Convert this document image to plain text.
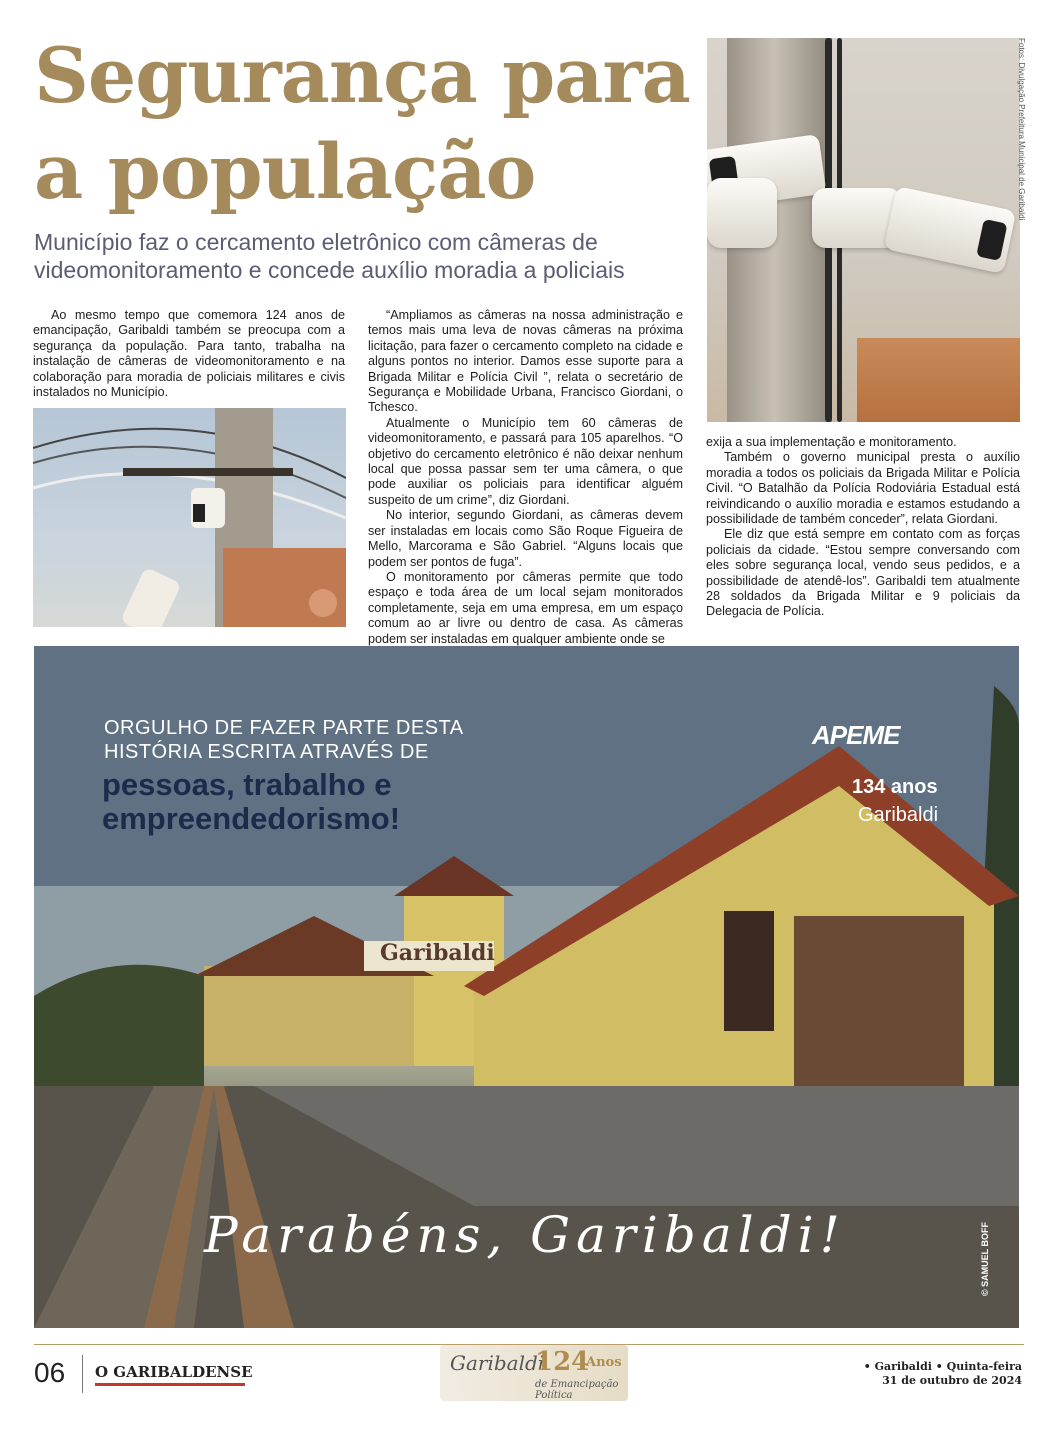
Segurança para
a população
Município faz o cercamento eletrônico com câmeras de videomonitoramento e concede auxílio moradia a policiais
Fotos: Divulgação Prefeitura Municipal de Garibaldi

Ao mesmo tempo que comemora 124 anos de emancipação, Garibaldi também se preocupa com a segurança da população. Para tanto, trabalha na instalação de câmeras de videomonitoramento e na colaboração para moradia de policiais militares e civis instalados no Município.

“Ampliamos as câmeras na nossa administração e temos mais uma leva de novas câmeras na próxima licitação, para fazer o cercamento completo na cidade e alguns pontos no interior. Damos esse suporte para a Brigada Militar e Polícia Civil ”, relata o secretário de Segurança e Mobilidade Urbana, Francisco Giordani, o Tchesco.

Atualmente o Município tem 60 câmeras de videomonitoramento, e passará para 105 aparelhos. “O objetivo do cercamento eletrônico é não deixar nenhum local que possa passar sem ter uma câmera, o que pode auxiliar os policiais para identificar alguém suspeito de um crime”, diz Giordani.

No interior, segundo Giordani, as câmeras devem ser instaladas em locais como São Roque Figueira de Mello, Marcorama e São Gabriel. “Alguns locais que podem ser pontos de fuga”.

O monitoramento por câmeras permite que todo espaço e toda área de um local sejam monitorados completamente, seja em uma empresa, em um espaço comum ao ar livre ou dentro de casa. As câmeras podem ser instaladas em qualquer ambiente onde se

exija a sua implementação e monitoramento.

Também o governo municipal presta o auxílio moradia a todos os policiais da Brigada Militar e Polícia Civil. “O Batalhão da Polícia Rodoviária Estadual está reivindicando o auxílio moradia e estamos estudando a possibilidade de também conceder”, relata Giordani.

Ele diz que está sempre em contato com as forças policiais da cidade. “Estou sempre conversando com eles sobre segurança local, vendo seus pedidos, e a possibilidade de atendê-los”. Garibaldi tem atualmente 28 soldados da Brigada Militar e 9 policiais da Delegacia de Polícia.

ORGULHO DE FAZER PARTE DESTA
HISTÓRIA ESCRITA ATRAVÉS DE
pessoas, trabalho e
empreendedorismo!
Garibaldi
APEME
134 anos
Garibaldi
Parabéns, Garibaldi!	© SAMUEL BOFF
06 O GARIBALDENSE	Garibaldi
124
Anos
de Emancipação Política
• Garibaldi • Quinta-feira
31 de outubro de 2024
